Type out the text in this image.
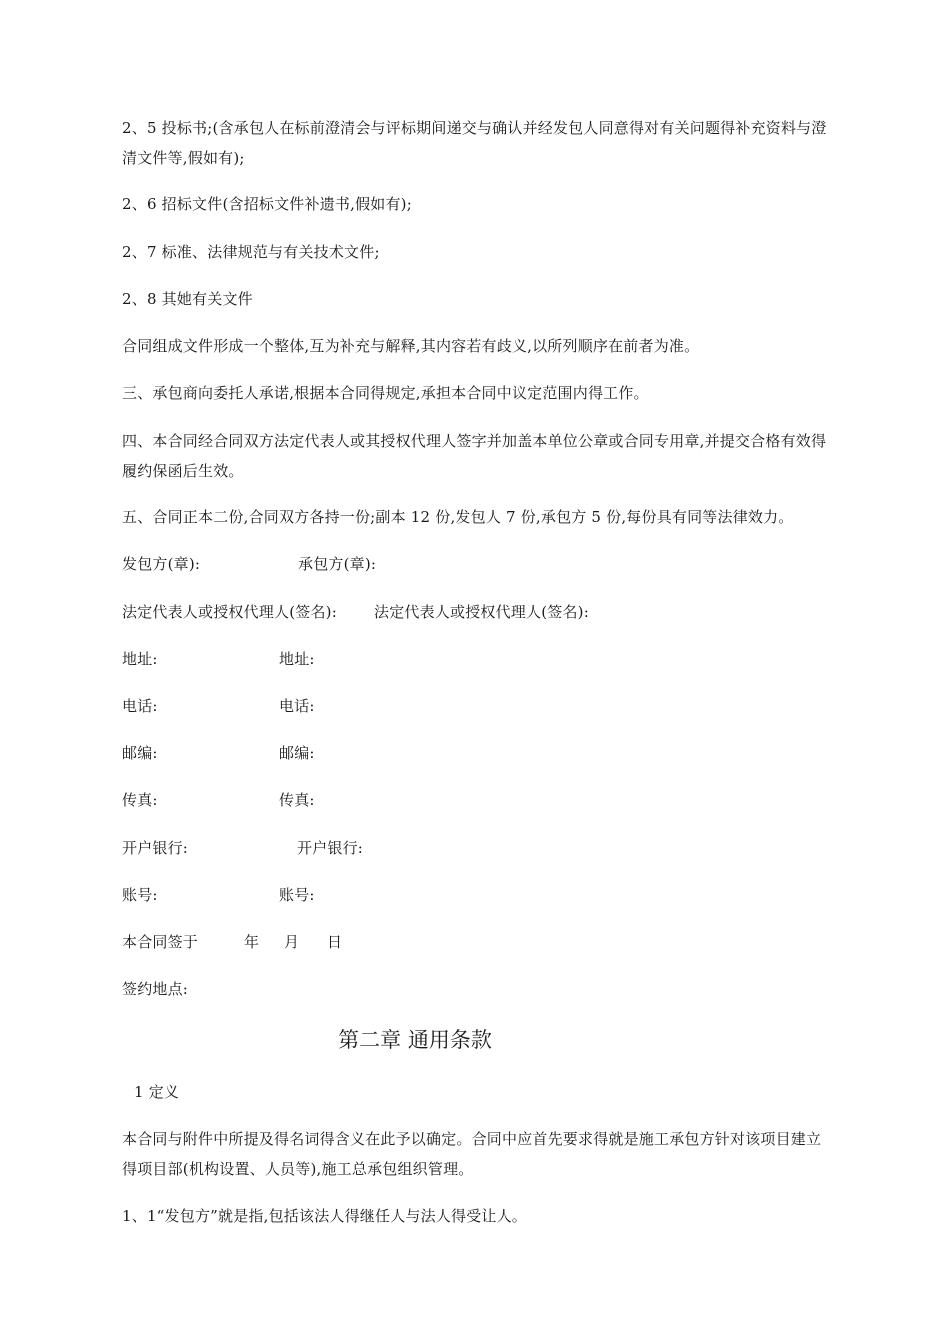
2、5 投标书;(含承包人在标前澄清会与评标期间递交与确认并经发包人同意得对有关问题得补充资料与澄清文件等,假如有);
2、6 招标文件(含招标文件补遗书,假如有);
2、7 标准、法律规范与有关技术文件;
2、8 其她有关文件
合同组成文件形成一个整体,互为补充与解释,其内容若有歧义,以所列顺序在前者为准。
三、承包商向委托人承诺,根据本合同得规定,承担本合同中议定范围内得工作。
四、本合同经合同双方法定代表人或其授权代理人签字并加盖本单位公章或合同专用章,并提交合格有效得履约保函后生效。
五、合同正本二份,合同双方各持一份;副本 12 份,发包人 7 份,承包方 5 份,每份具有同等法律效力。
发包方(章):	承包方(章):
法定代表人或授权代理人(签名): 法定代表人或授权代理人(签名):
地址:	地址:
电话:	电话:
邮编:	邮编:
传真:	传真:
开户银行:	开户银行:
账号:	账号:
本合同签于	年 月 日
签约地点:
第二章 通用条款
1 定义
本合同与附件中所提及得名词得含义在此予以确定。合同中应首先要求得就是施工承包方针对该项目建立得项目部(机构设置、人员等),施工总承包组织管理。
1、1“发包方”就是指,包括该法人得继任人与法人得受让人。
